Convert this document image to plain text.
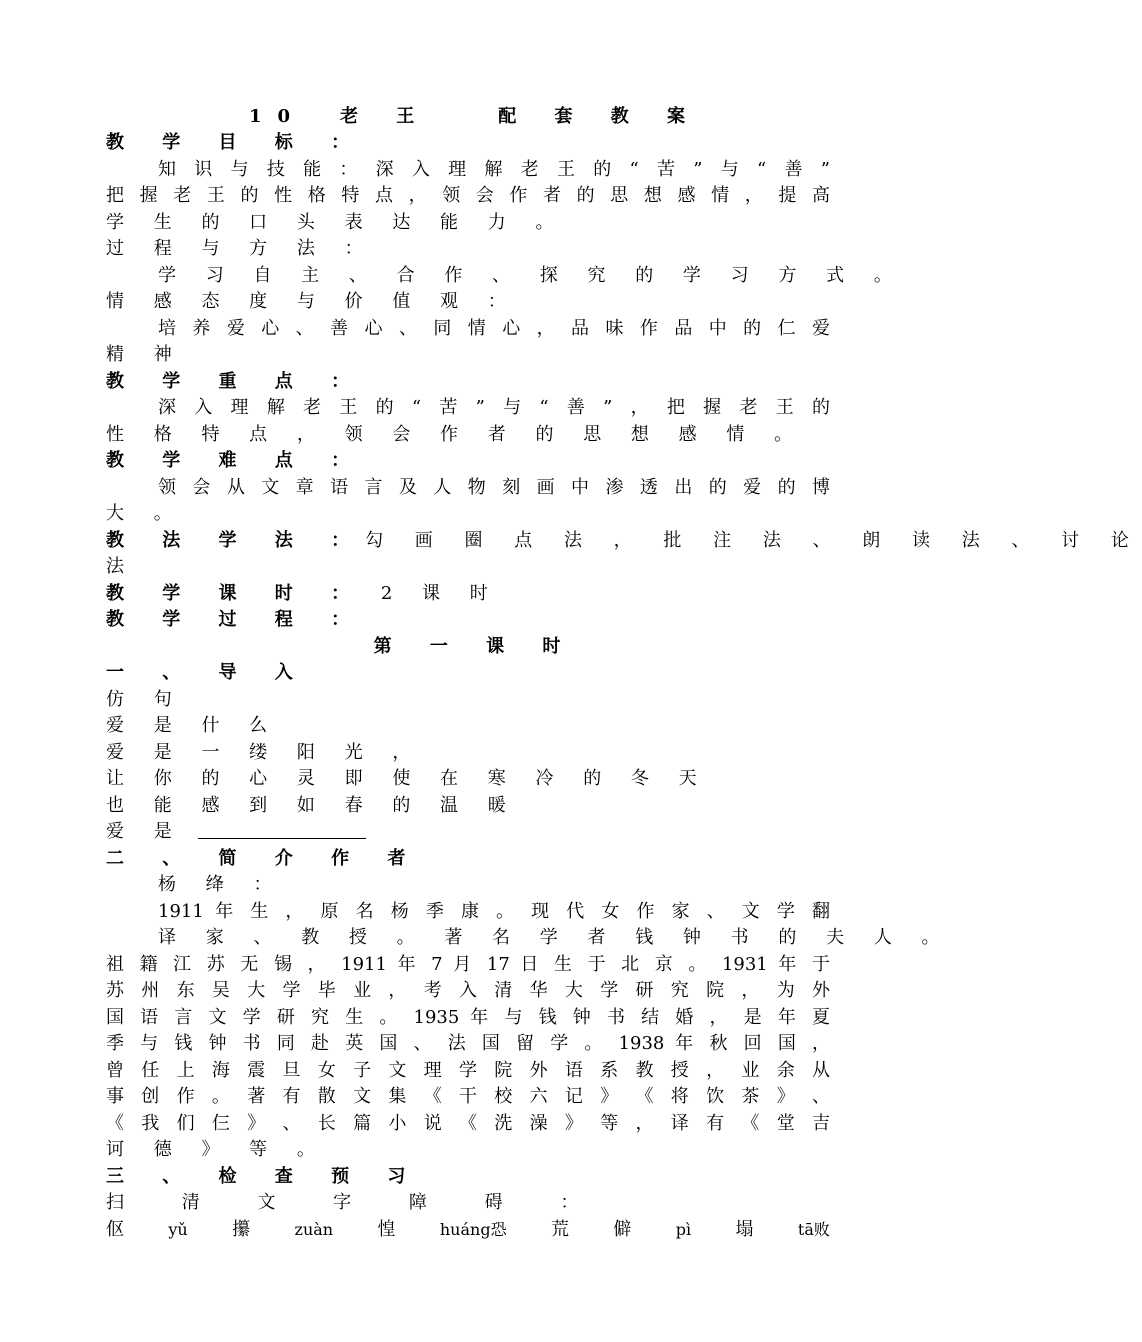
10　老 王　　配 套 教 案
教 学 目 标 ：
知识与技能：深入理解老王的“苦”与“善”
把握老王的性格特点，领会作者的思想感情，提高
学 生 的 口 头 表 达 能 力 。
过 程 与 方 法 ：
学 习 自 主 、 合 作 、 探 究 的 学 习 方 式 。
情 感 态 度 与 价 值 观 ：
培养爱心、善心、同情心，品味作品中的仁爱
精 神
教 学 重 点 ：
深入理解老王的“苦”与“善”，把握老王的
性 格 特 点 ， 领 会 作 者 的 思 想 感 情 。
教 学 难 点 ：
领会从文章语言及人物刻画中渗透出的爱的博
大 。
教 法 学 法 ： 勾 画 圈 点 法 ， 批 注 法 、 朗 读 法 、 讨 论
法
教 学 课 时 ： 2 课 时
教 学 过 程 ：
第 一 课 时
一 、 导 入
仿 句
爱 是 什 么
爱 是 一 缕 阳 光 ，
让 你 的 心 灵 即 使 在 寒 冷 的 冬 天
也 能 感 到 如 春 的 温 暖
爱 是
二 、 简 介 作 者
杨 绛 ：
1911 年 生 ， 原 名 杨 季 康 。 现 代 女 作 家 、 文 学 翻
译 家 、 教 授 。 著 名 学 者 钱 钟 书 的 夫 人 。
祖 籍 江 苏 无 锡 ， 1911 年 7 月 17 日 生 于 北 京 。 1931 年 于
苏 州 东 吴 大 学 毕 业 ， 考 入 清 华 大 学 研 究 院 ， 为 外
国 语 言 文 学 研 究 生 。 1935 年 与 钱 钟 书 结 婚 ， 是 年 夏
季 与 钱 钟 书 同 赴 英 国 、 法 国 留 学 。 1938 年 秋 回 国 ，
曾 任 上 海 震 旦 女 子 文 理 学 院 外 语 系 教 授 ， 业 余 从
事 创 作 。 著 有 散 文 集 《 干 校 六 记 》 《 将 饮 茶 》 、
《 我 们 仨 》 、 长 篇 小 说 《 洗 澡 》 等 ， 译 有 《 堂 吉
诃 德 》 等 。
三 、 检 查 预 习
扫 清 文 字 障 碍 ：
伛	yǔ 攥	zuàn 惶	huáng恐 荒 僻	pì 塌	tā败
